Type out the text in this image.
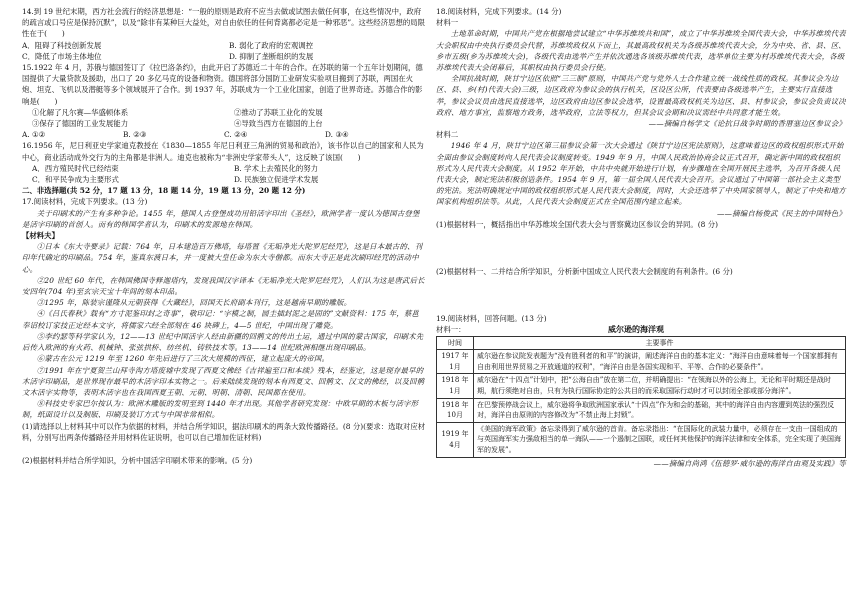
14.到 19 世纪末期，西方社会流行的经济思想是：“一般的原则是政府不应当去做或试图去做任何事，在这些情况中，政府的疏言或口号应是保持沉默”，以及“除非有某种巨大益处，对自由依任的任何背离都必定是一种邪恶”。这些经济思想的局限性在于(　　)

A．阻碍了科技创新发展	B. 弱化了政府的宏观调控
C．降低了市场主体地位	D. 抑制了垄断组织的发展

15.1922 年 4 月，苏俄与德国签订了《拉巴洛条约》，由此开启了苏德近二十年的合作。在苏联的第一个五年计划期间，德国提供了大量贷款及援助，出口了 20 多亿马克的设备和物资。德国将部分国防工业研发实验项目搬到了苏联，两国在火炮、坦克、飞机以及潜艇等多个领域展开了合作。到 1937 年，苏联成为一个工业化国家，创造了世界奇迹。苏德合作的影响是(　　)

①化解了凡尔赛—华盛顿体系	②推动了苏联工业化的发展
③保存了德国的工业发展能力	④导致当西方在德国的上台
A. ①②	B. ②③	C. ②④	D. ③④

16.1956 年，尼日利亚史学家迪克教授在《1830—1855 年尼日利亚三角洲的贸易和政治》，该书作以自己的国家和人民为中心，商业活动成外交行为的主角都是非洲人。迪克也被称为“非洲史学家带头人”，这反映了该国(　　)

A．西方殖民时代已经结束	B. 学术上去殖民化的努力
C．和平民争成为主要形式	D. 民族独立促进学术发展

二、非选择题(共 52 分，17 题 13 分，18 题 14 分，19 题 13 分，20 题 12 分)

17.阅读材料，完成下列要求。(13 分)

关于印刷术的产生有多种争论。1455 年，德国人古登堡成功用铅活字印出《圣经》，欧洲学者一度认为德国古登堡是活字印刷的首创人。而有的韩国学者认为，印刷术的发源地在韩国。

【材料夫】

①日本《东大寺要录》记载：764 年，日本建造百万佛塔，每塔置《无垢净光大陀罗尼经咒》，这是日本最古的、刊印年代确定的印刷品。754 年，鉴真东渡日本，并一度被大皇任命为东大寺僧都。而东大寺正是此次刷印经咒的活动中心。

②20 世纪 60 年代，在韩国佛国寺释迦塔内，发现我国汉字译本《无垢净光大陀罗尼经咒》，人们认为这是唐武后长安四年(704 年)至玄宗天宝十年间的刻本印品。

③1295 年，陈装宗谨隆从元朝获得《大藏经》，回国天长府副本刊行，这是越南早期的雕版。

④《吕氏春秋》载有“方寸泥鉴印封之奇事”，敬印记：“字模之制，圆圭插封泥之是固的”文献资料：175 年，蔡邕奉诏校订家技正定经本文字，将儒家六经全部刻在 46 块碑上，4—5 世纪，中国出现了雕瓷。

⑤李约瑟等科学家认为，12——13 世纪中国活字人经由新疆的回鹘文的传出土运，通过中国的蒙古国家，印刷术先后传入欧洲的有火药、机械钟、张弦拱桥、纺丝机、铸铁技术等。13——14 世纪欧洲相继出现印刷品。

⑥蒙古在公元 1219 年至 1260 年先后进行了三次大规模的西征，建立起庞大的帝国。

⑦1991 年在宁夏贺兰山拜寺沟方塔废墟中发现了西夏文佛经《吉祥遍至口和本续》残本，经鉴定，这是现存最早的木活字印刷品，是世界现存最早的木活字印本实物之一。后来陆续发现的刻本有西夏文、回鹘文、汉文的佛经，以及回鹘文木活字实物等，表明木活字也在我国西夏王朝、元朝、明朝、清朝、民国都在使用。

⑧科技史专家巴尔按认为：欧洲木雕版的发明至到 1440 年才出现。其他学者研究发现：中欧早期的木板与活字形制，纸面设计以及制版、印刷及装订方式与中国非常相似。

(1)请选择以上材料其中可以作为依据的材料，并结合所学知识，据法印刷术的两条大致传播路径。(8 分)(要求：选取对应材料，分别写出两条传播路径并用材料佐证说明，也可以自己增加佐证材料)

(2)根据材料并结合所学知识，分析中国活字印刷术带来的影响。(5 分)

18.阅读材料，完成下列要求。(14 分)

材料一

土地革命时期，中国共产党在根据地尝试建立“中华苏维埃共和国”，成立了中华苏维埃全国代表大会，中华苏维埃代表大会职权由中央执行委员会代替，苏维埃政权从下而上，其最高政权机关为各级苏维埃代表大会，分为中央、省、县、区、乡市五级(乡为苏维埃大会)，各级代表由选举产生并依次通选各该级苏维埃代表，选举单位主要为村苏维埃代表大会，各级苏维埃代表大会闭幕后，其职权由执行委员会行使。

全国抗战时期，陕甘宁边区依照“三三制”原则，中国共产党与党外人士合作建立统一战线性质的政权。其参议会为边区、县、乡(村)代表大会)三级，边区政府为参议会的执行机关，区设区公所，代表要由各级选举产生，主要实行直接选举，参议会议员由选民直接选举，边区政府由边区参议会选举，设置最高政权机关为边区、县、村参议会，参议会负责议决政府、地方事宜，监察地方政务，选举政府，立法等权力，但其会议会期和决议需经中共同意才能生效。

——摘编自杨学文《论抗日战争时期的香厝塞边区参议会》

材料二

1946 年 4 月，陕甘宁边区第三届参议会第一次大会通过《陕甘宁边区宪法原则》，这意味着边区的政权组织形式开始全面由参议会制度转向人民代表会议制度转变。1949 年 9 月，中国人民政治协商会议正式召开，确定新中国的政权组织形式为人民代表大会制度。从 1952 年开始，中共中央就开始进行计划，有步骤地在全国开展民主选举，为召开各级人民代表大会，制定宪法积极创造条件。1954 年 9 月，第一届全国人民代表大会召开。会议通过了中国第一部社会主义类型的宪法。宪法明确规定中国的政权组织形式是人民代表大会制度，同时，大会还选举了中央国家领导人，制定了中央和地方国家机构组织法等。从此，人民代表大会制度正式在全国范围内建立起来。

——摘编自杨俊武《民主的中国特色》

(1)根据材料一，概括指出中华苏维埃全国代表大会与晋察冀边区参议会的异同。(8 分)

(2)根据材料一、二并结合所学知识，分析新中国成立人民代表大会制度的有利条件。(6 分)

19.阅读材料，回答问题。(13 分)

材料一：	威尔逊的海洋观
时间	主要事件
1917 年
1月	威尔逊在参议院发表题为“没有胜利者的和平”的演讲，阐述海洋自由的基本定义：“海洋自由意味着每一个国家都拥有自由利用世界贸易之开放通道的权利”，“海洋自由是各国实现和平、平等、合作的必要条件”。
1918 年
1月	威尔逊在“十四点”计划中，把“公海自由”放在第二位，并明确提出：“在领海以外的公海上，无论和平时期还是战时期，航行须绝对自由，只有为执行国际协定的公共目的而采取国际行动时才可以封闭全部或部分海洋”。
1918 年
10月	在巴黎预停战会议上，威尔逊将争取欧洲国家承认“十四点”作为和会的基础，其中的海洋自由内容遭到英法的强烈反对，海洋自由原则的内容修改为“不禁止海上封锁”。
1919 年
4月	《美国的海军政策》备忘录得到了威尔逊的首肯。备忘录指出：“在国际化的武装力量中，必须存在一支由一国组成的与英国海军实力强敌相当的单一海队——一个遏制之国联，或任何其他保护的海洋法律和安全体系，完全实现了美国海军的发展”。

——摘编自尚鸿《伍德罗·威尔逊的海洋自由观及实践》等
